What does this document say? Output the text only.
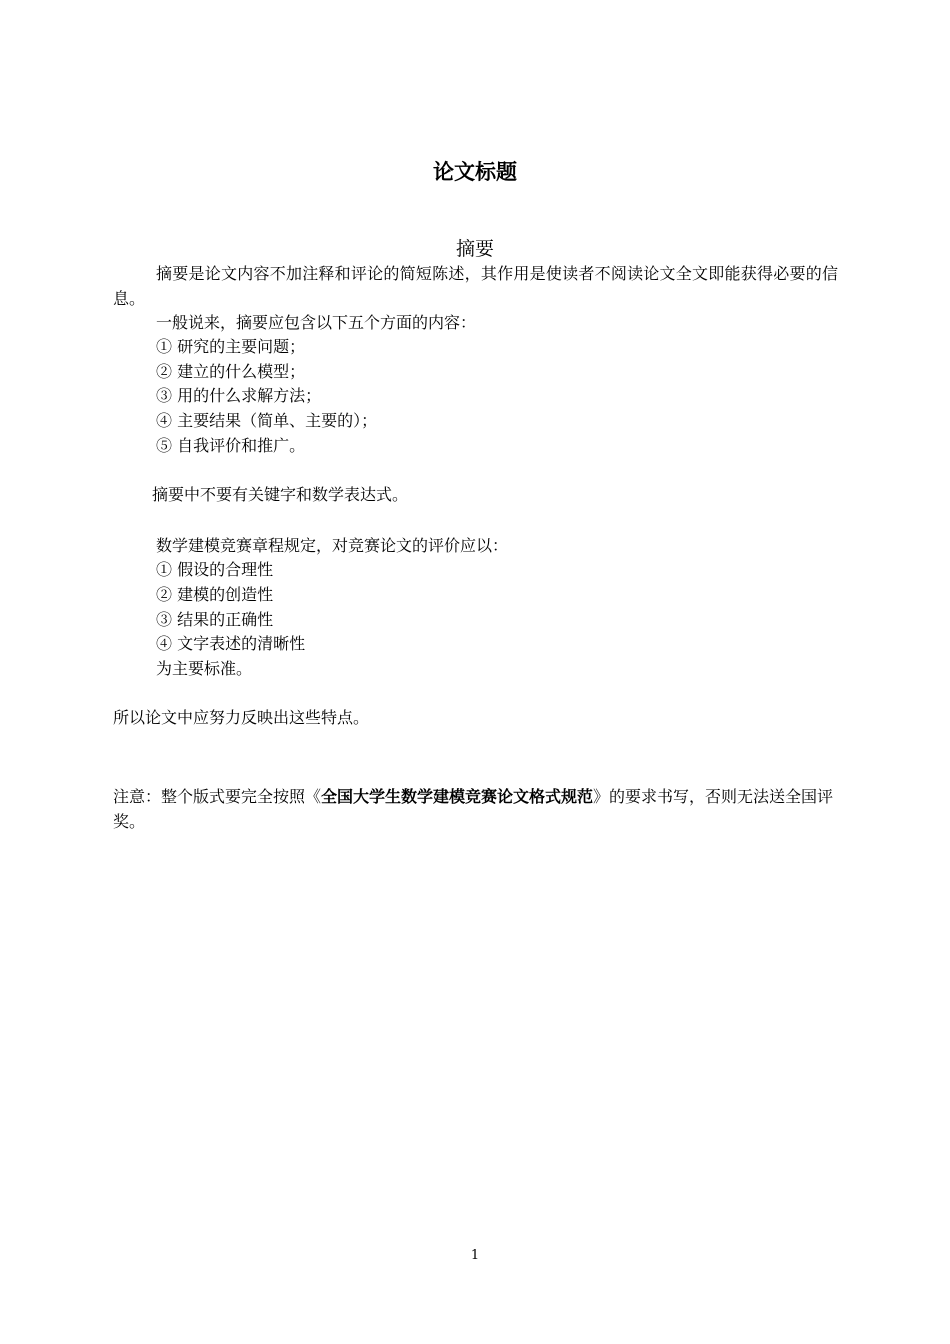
论文标题
摘要
摘要是论文内容不加注释和评论的简短陈述，其作用是使读者不阅读论文全文即能获得必要的信息。
一般说来，摘要应包含以下五个方面的内容：
① 研究的主要问题；
② 建立的什么模型；
③ 用的什么求解方法；
④ 主要结果（简单、主要的）；
⑤ 自我评价和推广。
摘要中不要有关键字和数学表达式。
数学建模竞赛章程规定，对竞赛论文的评价应以：
① 假设的合理性
② 建模的创造性
③ 结果的正确性
④ 文字表述的清晰性
为主要标准。
所以论文中应努力反映出这些特点。
注意：整个版式要完全按照《全国大学生数学建模竞赛论文格式规范》的要求书写，否则无法送全国评奖。
1
